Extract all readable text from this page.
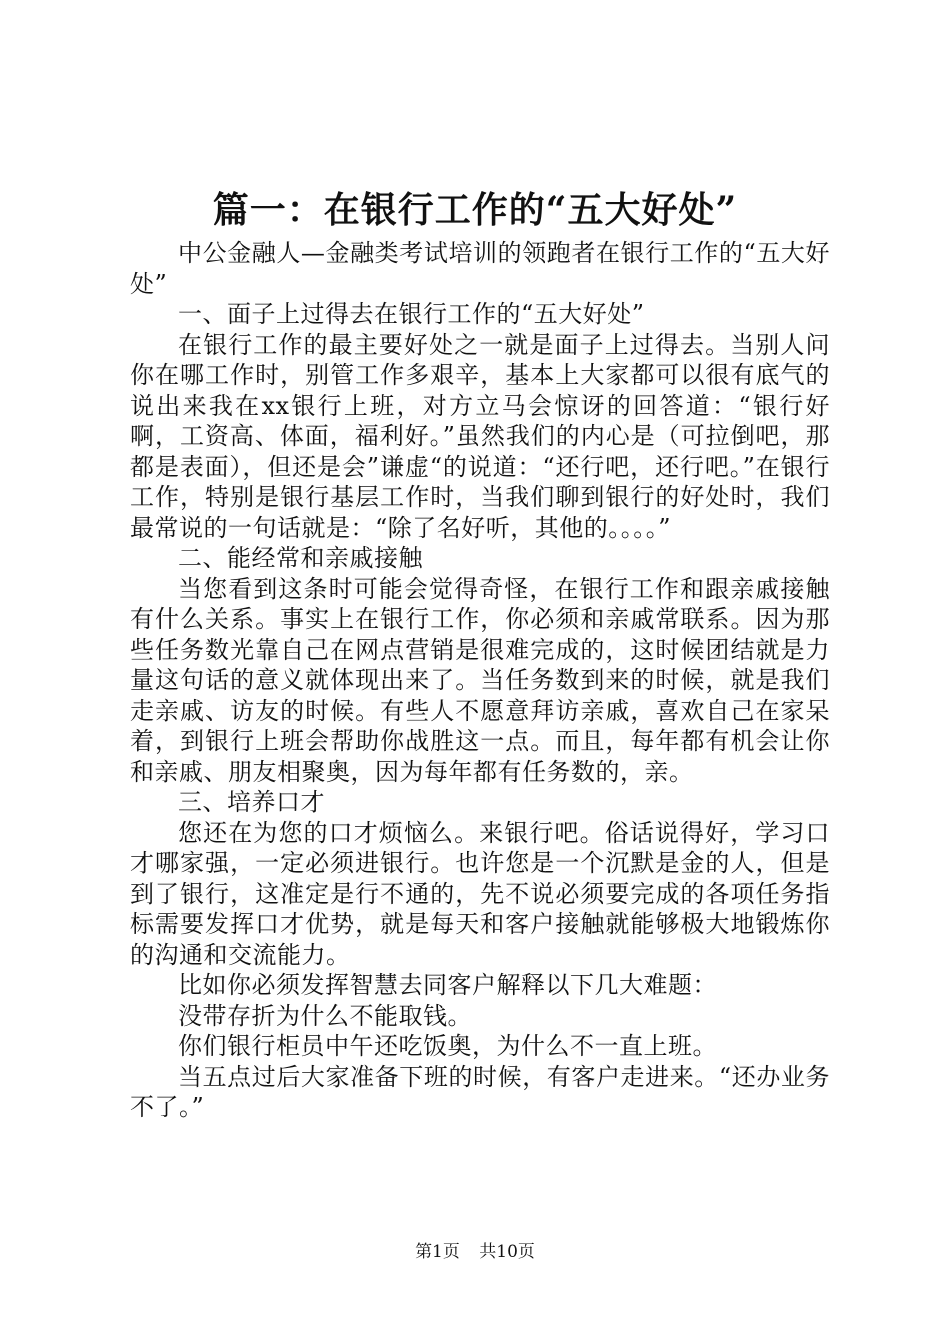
篇一：在银行工作的“五大好处”

中公金融人—金融类考试培训的领跑者在银行工作的“五大好处”

一、面子上过得去在银行工作的“五大好处”

在银行工作的最主要好处之一就是面子上过得去。当别人问你在哪工作时，别管工作多艰辛，基本上大家都可以很有底气的说出来我在xx银行上班，对方立马会惊讶的回答道：“银行好啊，工资高、体面，福利好。”虽然我们的内心是（可拉倒吧，那都是表面），但还是会”谦虚“的说道：“还行吧，还行吧。”在银行工作，特别是银行基层工作时，当我们聊到银行的好处时，我们最常说的一句话就是：“除了名好听，其他的。。。。”

二、能经常和亲戚接触

当您看到这条时可能会觉得奇怪，在银行工作和跟亲戚接触有什么关系。事实上在银行工作，你必须和亲戚常联系。因为那些任务数光靠自己在网点营销是很难完成的，这时候团结就是力量这句话的意义就体现出来了。当任务数到来的时候，就是我们走亲戚、访友的时候。有些人不愿意拜访亲戚，喜欢自己在家呆着，到银行上班会帮助你战胜这一点。而且，每年都有机会让你和亲戚、朋友相聚奥，因为每年都有任务数的，亲。

三、培养口才

您还在为您的口才烦恼么。来银行吧。俗话说得好，学习口才哪家强，一定必须进银行。也许您是一个沉默是金的人，但是到了银行，这准定是行不通的，先不说必须要完成的各项任务指标需要发挥口才优势，就是每天和客户接触就能够极大地锻炼你的沟通和交流能力。

比如你必须发挥智慧去同客户解释以下几大难题：

没带存折为什么不能取钱。

你们银行柜员中午还吃饭奥，为什么不一直上班。

当五点过后大家准备下班的时候，有客户走进来。“还办业务不了。”

第1页 共10页
